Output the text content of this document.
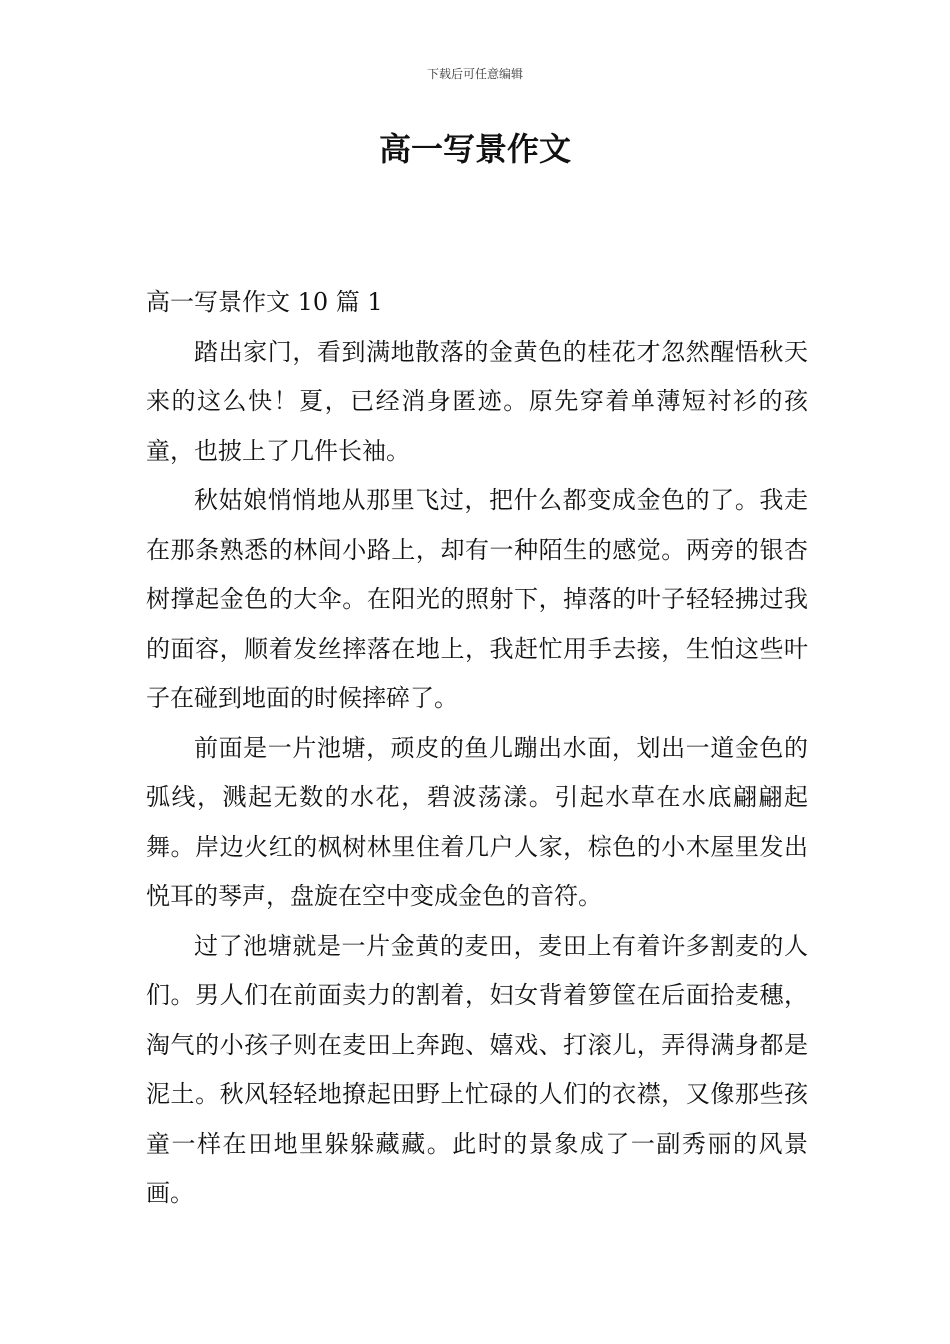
下载后可任意编辑
高一写景作文
高一写景作文 10 篇 1

踏出家门，看到满地散落的金黄色的桂花才忽然醒悟秋天来的这么快！夏，已经消身匿迹。原先穿着单薄短衬衫的孩童，也披上了几件长袖。

秋姑娘悄悄地从那里飞过，把什么都变成金色的了。我走在那条熟悉的林间小路上，却有一种陌生的感觉。两旁的银杏树撑起金色的大伞。在阳光的照射下，掉落的叶子轻轻拂过我的面容，顺着发丝摔落在地上，我赶忙用手去接，生怕这些叶子在碰到地面的时候摔碎了。

前面是一片池塘，顽皮的鱼儿蹦出水面，划出一道金色的弧线，溅起无数的水花，碧波荡漾。引起水草在水底翩翩起舞。岸边火红的枫树林里住着几户人家，棕色的小木屋里发出悦耳的琴声，盘旋在空中变成金色的音符。

过了池塘就是一片金黄的麦田，麦田上有着许多割麦的人们。男人们在前面卖力的割着，妇女背着箩筐在后面拾麦穗，淘气的小孩子则在麦田上奔跑、嬉戏、打滚儿，弄得满身都是泥土。秋风轻轻地撩起田野上忙碌的人们的衣襟，又像那些孩童一样在田地里躲躲藏藏。此时的景象成了一副秀丽的风景画。
